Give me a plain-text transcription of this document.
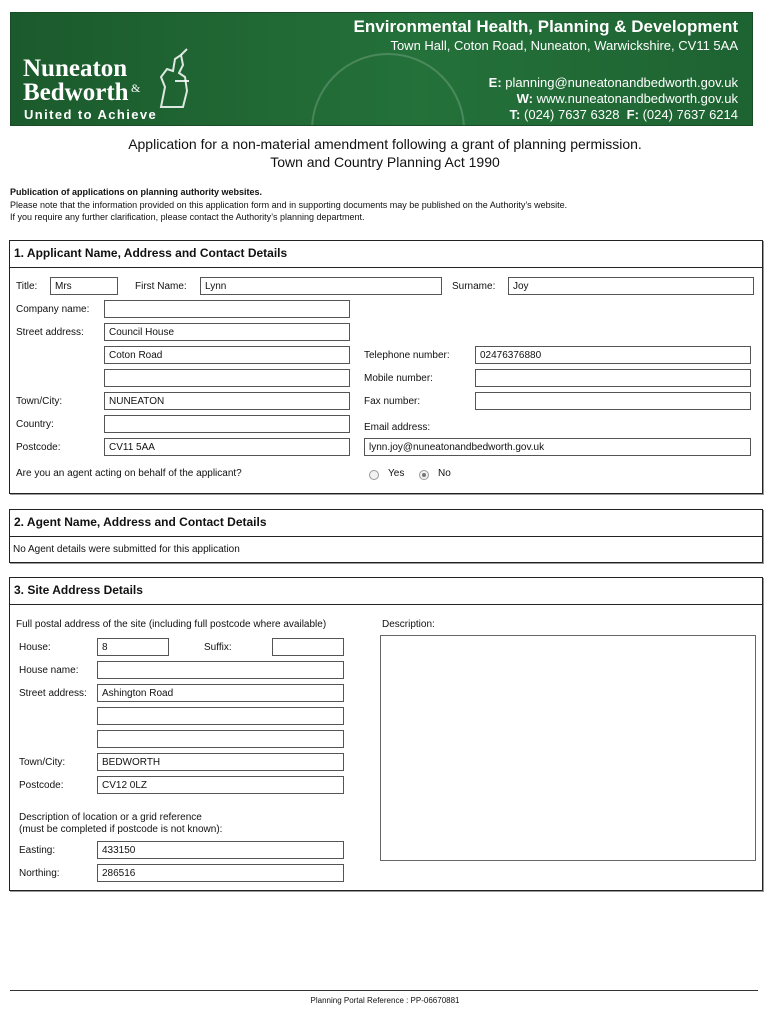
Nuneaton
&
Bedworth
United to Achieve
Environmental Health, Planning & Development
Town Hall, Coton Road, Nuneaton, Warwickshire, CV11 5AA
E: planning@nuneatonandbedworth.gov.uk
W: www.nuneatonandbedworth.gov.uk
T: (024) 7637 6328 F: (024) 7637 6214
Application for a non-material amendment following a grant of planning permission.
Town and Country Planning Act 1990
Publication of applications on planning authority websites.
Please note that the information provided on this application form and in supporting documents may be published on the Authority’s website.
If you require any further clarification, please contact the Authority’s planning department.
1. Applicant Name, Address and Contact Details
Title:	Mrs	First Name:	Lynn	Surname:	Joy
Company name:
Street address:	Council House
Coton Road
Town/City:	NUNEATON
Country:
Postcode:	CV11 5AA
Telephone number:	02476376880
Mobile number:
Fax number:
Email address:
lynn.joy@nuneatonandbedworth.gov.uk
Are you an agent acting on behalf of the applicant?	Yes	No
2. Agent Name, Address and Contact Details
No Agent details were submitted for this application
3. Site Address Details
Full postal address of the site (including full postcode where available)	Description:
House:	8	Suffix:
House name:
Street address:	Ashington Road
Town/City:	BEDWORTH
Postcode:	CV12 0LZ
Description of location or a grid reference
(must be completed if postcode is not known):
Easting:	433150
Northing:	286516
Planning Portal Reference : PP-06670881
